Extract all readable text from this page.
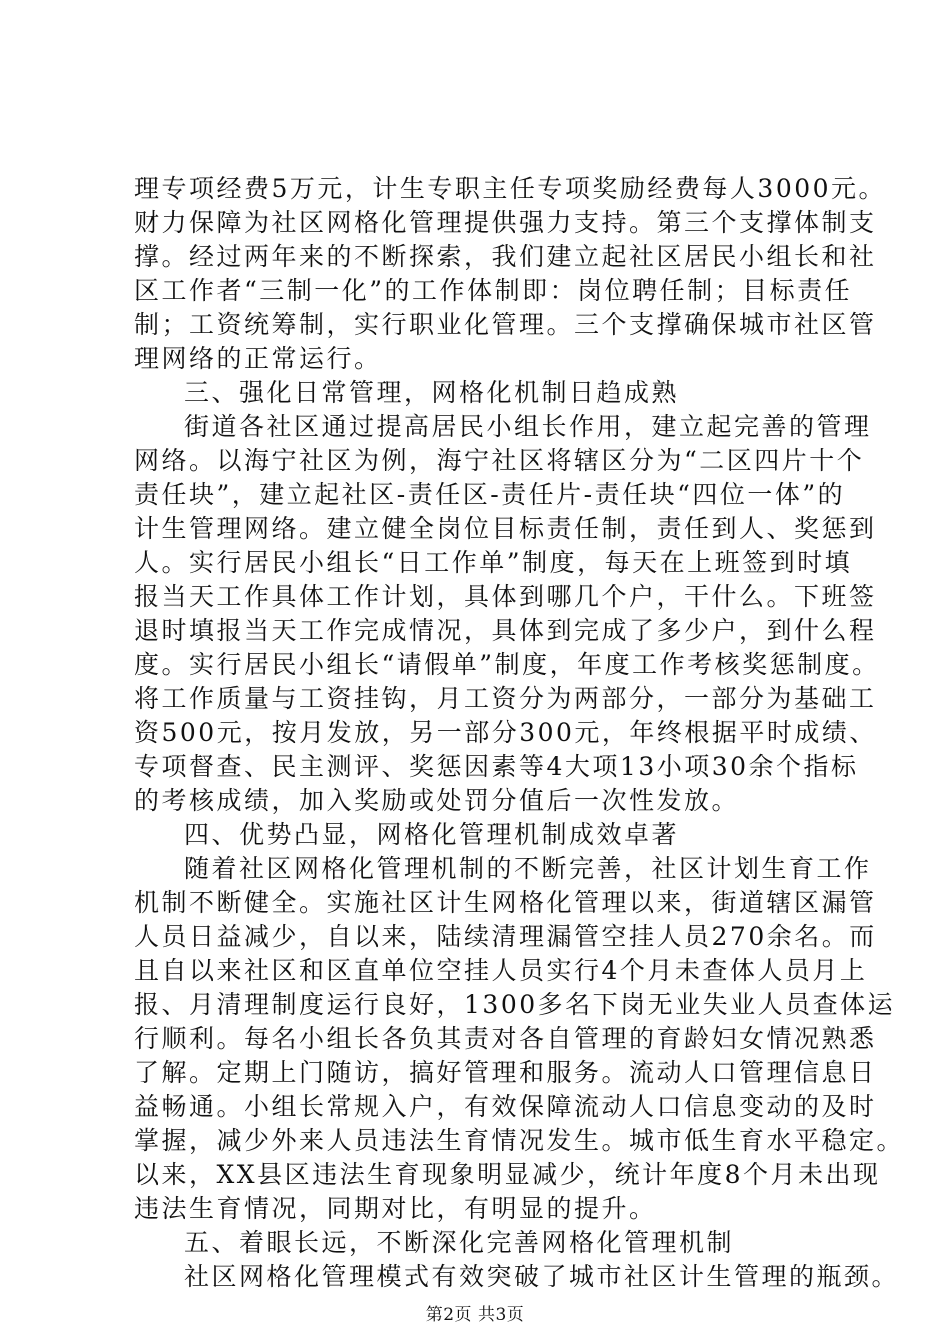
理专项经费5万元，计生专职主任专项奖励经费每人3000元。
财力保障为社区网格化管理提供强力支持。第三个支撑体制支
撑。经过两年来的不断探索，我们建立起社区居民小组长和社
区工作者“三制一化”的工作体制即：岗位聘任制；目标责任
制；工资统筹制，实行职业化管理。三个支撑确保城市社区管
理网络的正常运行。
三、强化日常管理，网格化机制日趋成熟
街道各社区通过提高居民小组长作用，建立起完善的管理
网络。以海宁社区为例，海宁社区将辖区分为“二区四片十个
责任块”，建立起社区-责任区-责任片-责任块“四位一体”的
计生管理网络。建立健全岗位目标责任制，责任到人、奖惩到
人。实行居民小组长“日工作单”制度，每天在上班签到时填
报当天工作具体工作计划，具体到哪几个户，干什么。下班签
退时填报当天工作完成情况，具体到完成了多少户，到什么程
度。实行居民小组长“请假单”制度，年度工作考核奖惩制度。
将工作质量与工资挂钩，月工资分为两部分，一部分为基础工
资500元，按月发放，另一部分300元，年终根据平时成绩、
专项督查、民主测评、奖惩因素等4大项13小项30余个指标
的考核成绩，加入奖励或处罚分值后一次性发放。
四、优势凸显，网格化管理机制成效卓著
随着社区网格化管理机制的不断完善，社区计划生育工作
机制不断健全。实施社区计生网格化管理以来，街道辖区漏管
人员日益减少，自以来，陆续清理漏管空挂人员270余名。而
且自以来社区和区直单位空挂人员实行4个月未查体人员月上
报、月清理制度运行良好，1300多名下岗无业失业人员查体运
行顺利。每名小组长各负其责对各自管理的育龄妇女情况熟悉
了解。定期上门随访，搞好管理和服务。流动人口管理信息日
益畅通。小组长常规入户，有效保障流动人口信息变动的及时
掌握，减少外来人员违法生育情况发生。城市低生育水平稳定。
以来，XX县区违法生育现象明显减少，统计年度8个月未出现
违法生育情况，同期对比，有明显的提升。
五、着眼长远，不断深化完善网格化管理机制
社区网格化管理模式有效突破了城市社区计生管理的瓶颈。
第2页 共3页
